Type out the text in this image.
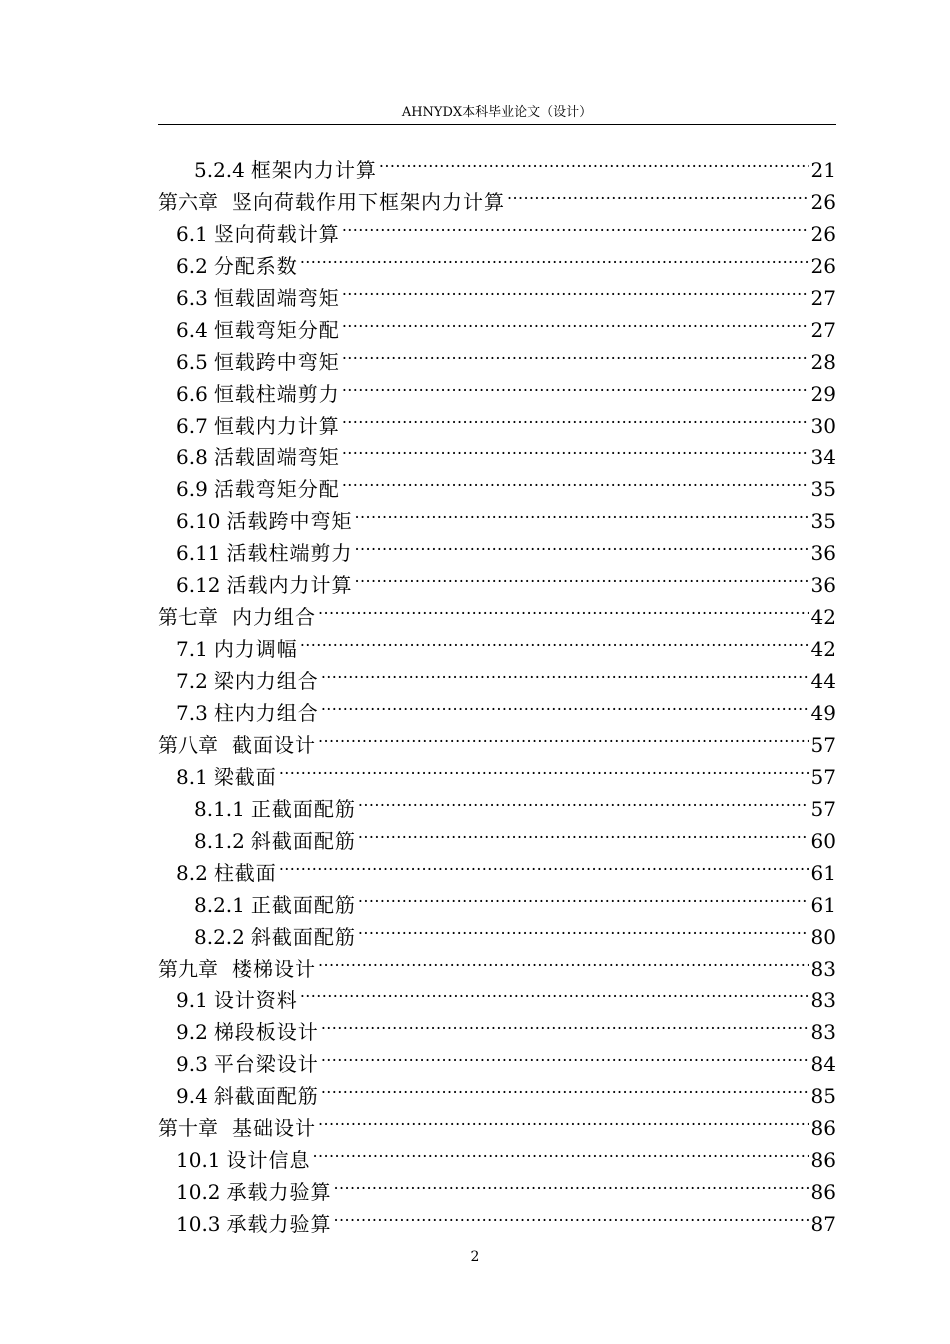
AHNYDX本科毕业论文（设计）
5.2.4 框架内力计算 .....	21
第六章 竖向荷载作用下框架内力计算 .....	26
6.1 竖向荷载计算 .....	26
6.2 分配系数 .....	26
6.3 恒载固端弯矩 .....	27
6.4 恒载弯矩分配 .....	27
6.5 恒载跨中弯矩 .....	28
6.6 恒载柱端剪力 .....	29
6.7 恒载内力计算 .....	30
6.8 活载固端弯矩 .....	34
6.9 活载弯矩分配 .....	35
6.10 活载跨中弯矩 .....	35
6.11 活载柱端剪力 .....	36
6.12 活载内力计算 .....	36
第七章 内力组合 .....	42
7.1 内力调幅 .....	42
7.2 梁内力组合 .....	44
7.3 柱内力组合 .....	49
第八章 截面设计 .....	57
8.1 梁截面 .....	57
8.1.1 正截面配筋 .....	57
8.1.2 斜截面配筋 .....	60
8.2 柱截面 .....	61
8.2.1 正截面配筋 .....	61
8.2.2 斜截面配筋 .....	80
第九章 楼梯设计 .....	83
9.1 设计资料 .....	83
9.2 梯段板设计 .....	83
9.3 平台梁设计 .....	84
9.4 斜截面配筋 .....	85
第十章 基础设计 .....	86
10.1 设计信息 .....	86
10.2 承载力验算 .....	86
10.3 承载力验算 .....	87
2
